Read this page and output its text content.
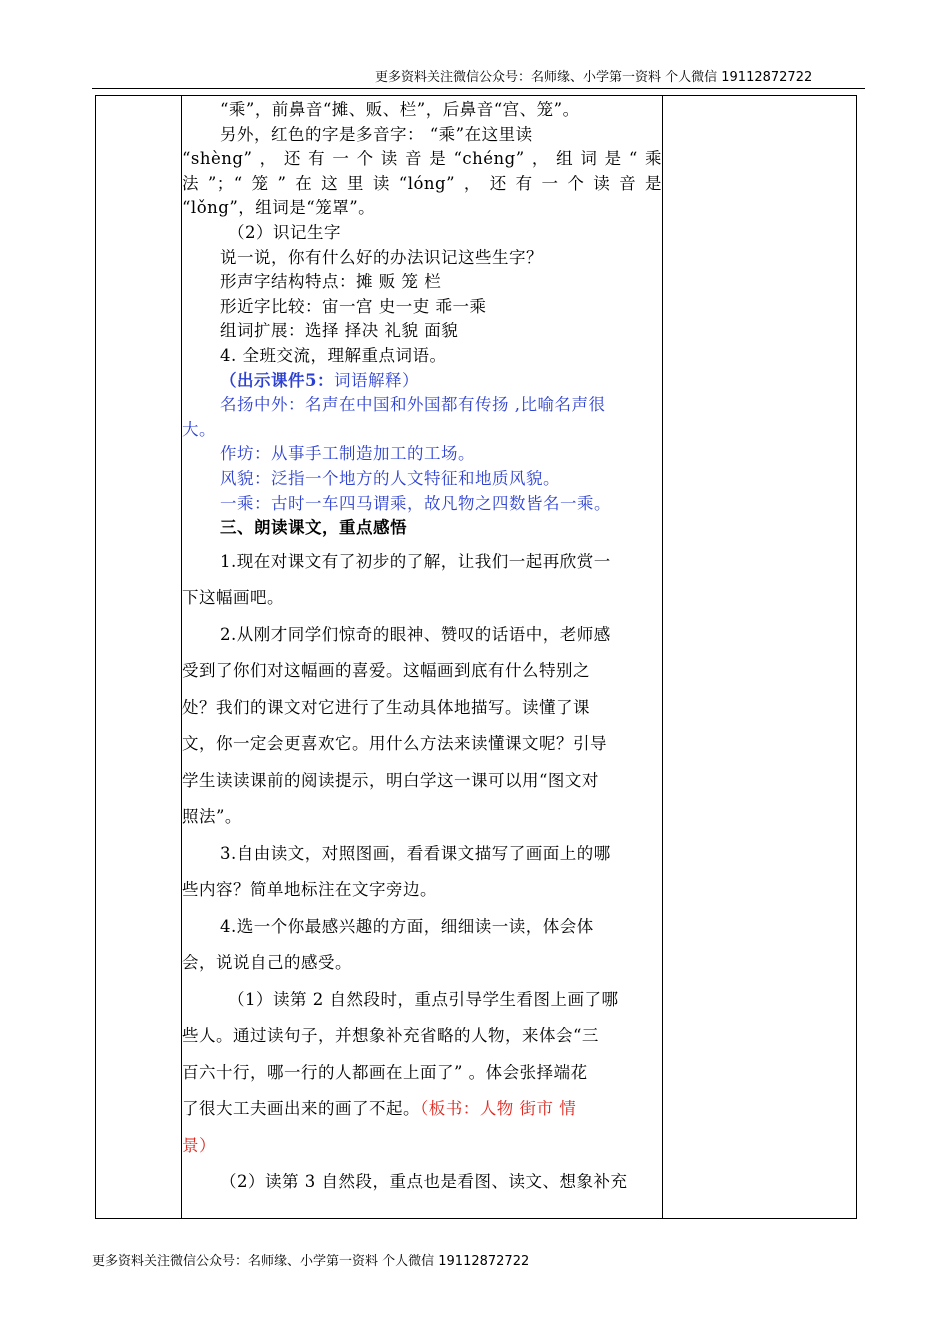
更多资料关注微信公众号：名师缘、小学第一资料 个人微信 19112872722

“乘”，前鼻音“摊、贩、栏”，后鼻音“宫、笼”。

另外，红色的字是多音字： “乘”在这里读

“shèng”，还有一个读音是“chéng”，组词是“乘

法”；“笼”在这里读“lóng”，还有一个读音是

“lǒng”，组词是“笼罩”。

（2）识记生字

说一说，你有什么好的办法识记这些生字？

形声字结构特点：摊 贩 笼 栏

形近字比较：宙一宫 史一吏 乖一乘

组词扩展：选择 择决 礼貌 面貌

4. 全班交流，理解重点词语。

（出示课件5：词语解释）

名扬中外：名声在中国和外国都有传扬 ,比喻名声很

大。

作坊：从事手工制造加工的工场。

风貌：泛指一个地方的人文特征和地质风貌。

一乘：古时一车四马谓乘，故凡物之四数皆名一乘。

三、朗读课文，重点感悟

1.现在对课文有了初步的了解，让我们一起再欣赏一

下这幅画吧。

2.从刚才同学们惊奇的眼神、赞叹的话语中，老师感

受到了你们对这幅画的喜爱。这幅画到底有什么特别之

处？我们的课文对它进行了生动具体地描写。读懂了课

文，你一定会更喜欢它。用什么方法来读懂课文呢？引导

学生读读课前的阅读提示，明白学这一课可以用“图文对

照法”。

3.自由读文，对照图画，看看课文描写了画面上的哪

些内容？简单地标注在文字旁边。

4.选一个你最感兴趣的方面，细细读一读，体会体

会，说说自己的感受。

（1）读第 2 自然段时，重点引导学生看图上画了哪

些人。通过读句子，并想象补充省略的人物，来体会“三

百六十行，哪一行的人都画在上面了” 。体会张择端花

了很大工夫画出来的画了不起。（板书：人物 街市 情

景）

（2）读第 3 自然段，重点也是看图、读文、想象补充

更多资料关注微信公众号：名师缘、小学第一资料 个人微信 19112872722
